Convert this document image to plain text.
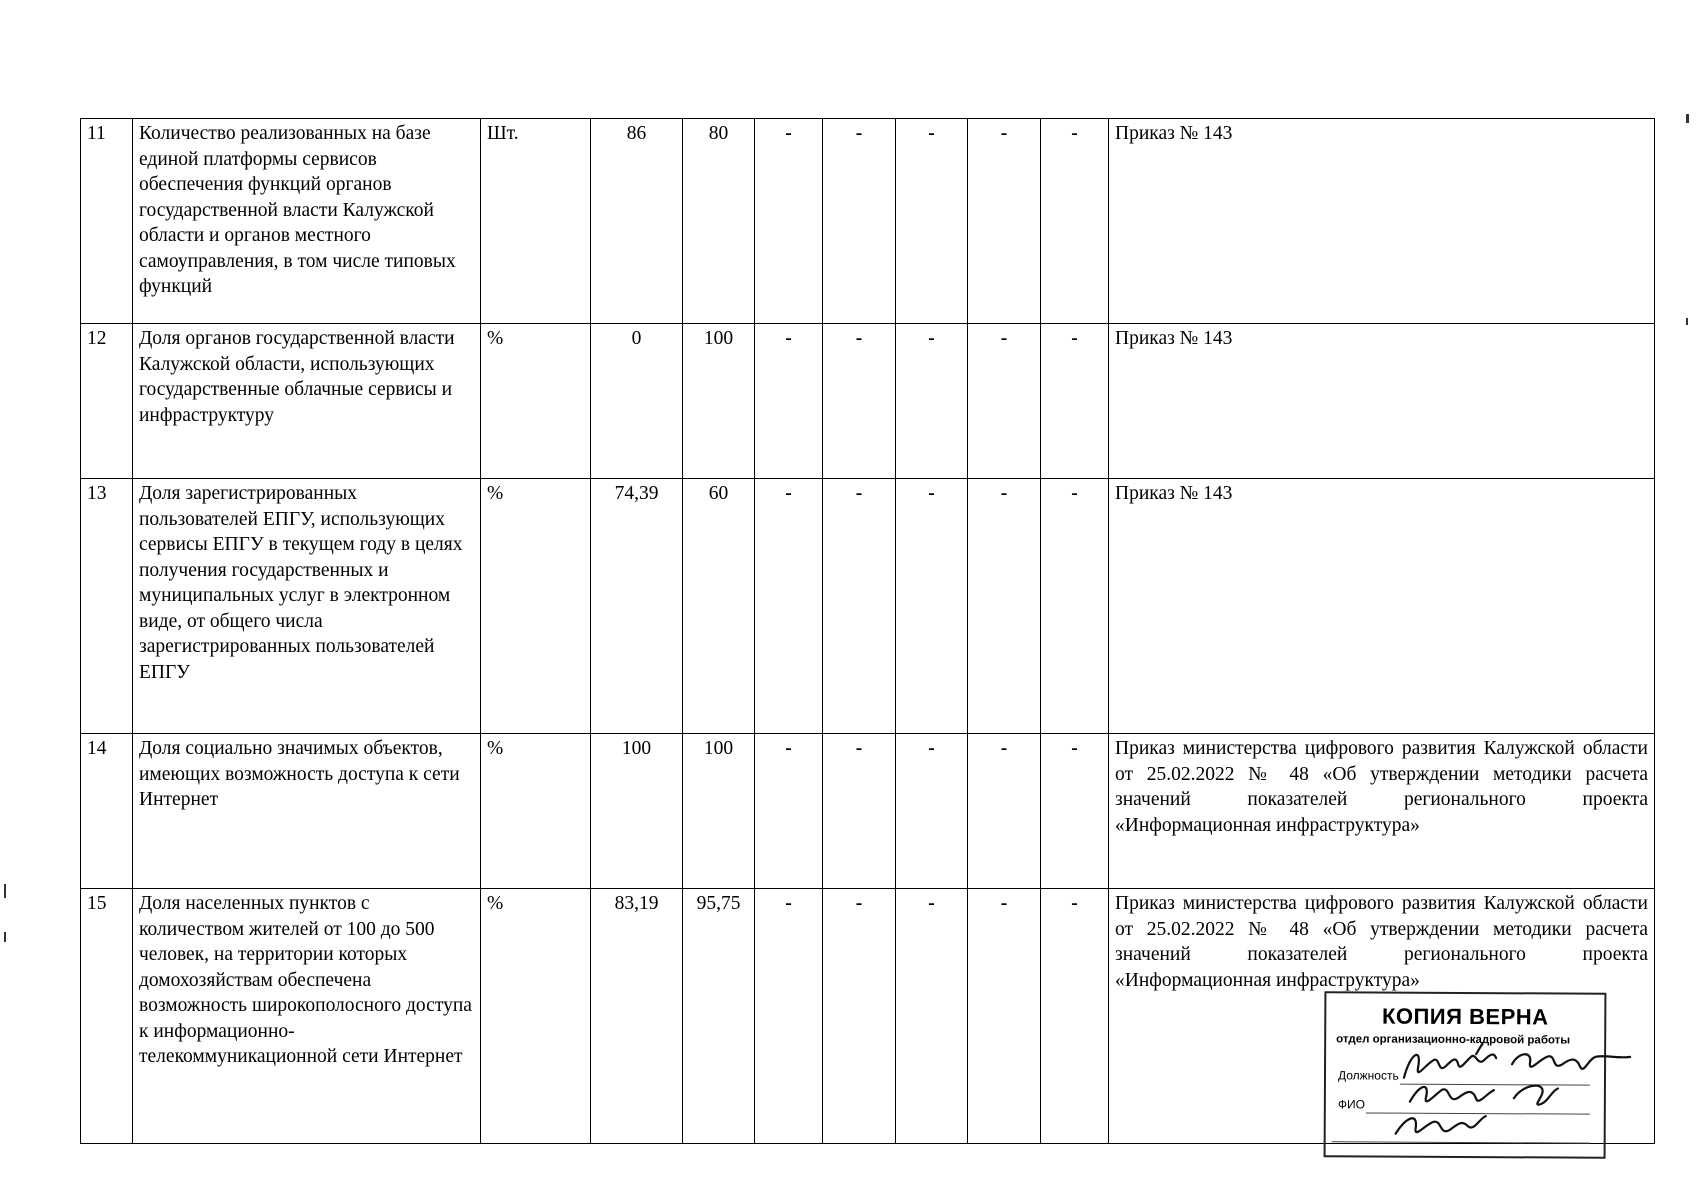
11	Количество реализованных на базе единой платформы сервисов обеспечения функций органов государственной власти Калужской области и органов местного самоуправления, в том числе типовых функций	Шт.	86	80	-	-	-	-	-	Приказ № 143
12	Доля органов государственной власти Калужской области, использующих государственные облачные сервисы и инфраструктуру	%	0	100	-	-	-	-	-	Приказ № 143
13	Доля зарегистрированных пользователей ЕПГУ, использующих сервисы ЕПГУ в текущем году в целях получения государственных и муниципальных услуг в электронном виде, от общего числа зарегистрированных пользователей ЕПГУ	%	74,39	60	-	-	-	-	-	Приказ № 143
14	Доля социально значимых объектов, имеющих возможность доступа к сети Интернет	%	100	100	-	-	-	-	-	Приказ министерства цифрового развития Калужской области от 25.02.2022 № 48 «Об утверждении методики расчета значений показателей регионального проекта «Информационная инфраструктура»
15	Доля населенных пунктов с количеством жителей от 100 до 500 человек, на территории которых домохозяйствам обеспечена возможность широкополосного доступа к информационно-телекоммуникационной сети Интернет	%	83,19	95,75	-	-	-	-	-	Приказ министерства цифрового развития Калужской области от 25.02.2022 № 48 «Об утверждении методики расчета значений показателей регионального проекта «Информационная инфраструктура»
КОПИЯ ВЕРНА
отдел организационно-кадровой работы
Должность
ФИО
